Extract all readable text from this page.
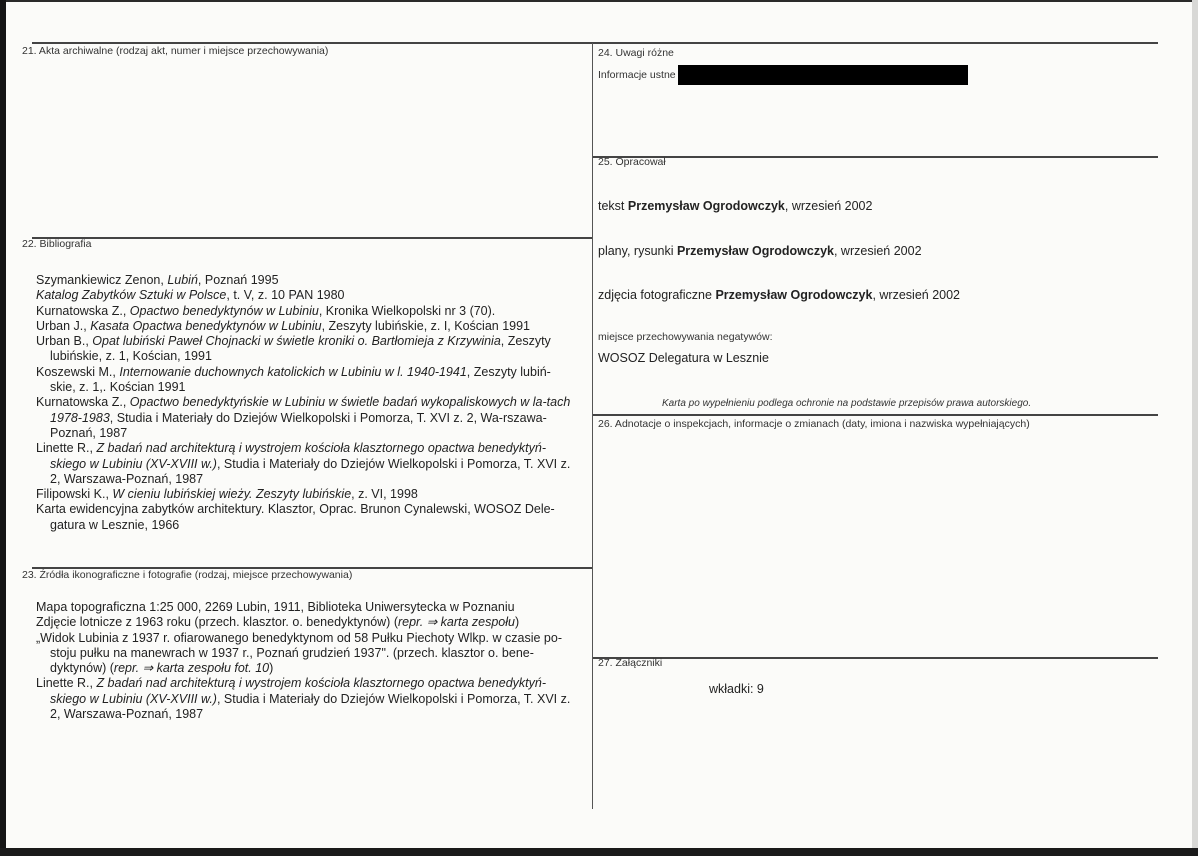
21. Akta archiwalne (rodzaj akt, numer i miejsce przechowywania)
22. Bibliografia
Szymankiewicz Zenon, Lubiń, Poznań 1995
Katalog Zabytków Sztuki w Polsce, t. V, z. 10 PAN 1980
Kurnatowska Z., Opactwo benedyktynów w Lubiniu, Kronika Wielkopolski nr 3 (70).
Urban J., Kasata Opactwa benedyktynów w Lubiniu, Zeszyty lubińskie, z. I, Kościan 1991
Urban B., Opat lubiński Paweł Chojnacki w świetle kroniki o. Bartłomieja z Krzywinia, Zeszyty lubińskie, z. 1, Kościan, 1991
Koszewski M., Internowanie duchownych katolickich w Lubiniu w l. 1940-1941, Zeszyty lubiń-skie, z. 1,. Kościan 1991
Kurnatowska Z., Opactwo benedyktyńskie w Lubiniu w świetle badań wykopaliskowych w la-tach 1978-1983, Studia i Materiały do Dziejów Wielkopolski i Pomorza, T. XVI z. 2, Wa-rszawa-Poznań, 1987
Linette R., Z badań nad architekturą i wystrojem kościoła klasztornego opactwa benedyktyń-skiego w Lubiniu (XV-XVIII w.), Studia i Materiały do Dziejów Wielkopolski i Pomorza, T. XVI z. 2, Warszawa-Poznań, 1987
Filipowski K., W cieniu lubińskiej wieży. Zeszyty lubińskie, z. VI, 1998
Karta ewidencyjna zabytków architektury. Klasztor, Oprac. Brunon Cynalewski, WOSOZ Dele-gatura w Lesznie, 1966
23. Źródła ikonograficzne i fotografie (rodzaj, miejsce przechowywania)
Mapa topograficzna 1:25 000, 2269 Lubin, 1911, Biblioteka Uniwersytecka w Poznaniu
Zdjęcie lotnicze z 1963 roku (przech. klasztor. o. benedyktynów) (repr. ⇒ karta zespołu)
„Widok Lubinia z 1937 r. ofiarowanego benedyktynom od 58 Pułku Piechoty Wlkp. w czasie po-stoju pułku na manewrach w 1937 r., Poznań grudzień 1937". (przech. klasztor o. bene-dyktynów) (repr. ⇒ karta zespołu fot. 10)
Linette R., Z badań nad architekturą i wystrojem kościoła klasztornego opactwa benedyktyń-skiego w Lubiniu (XV-XVIII w.), Studia i Materiały do Dziejów Wielkopolski i Pomorza, T. XVI z. 2, Warszawa-Poznań, 1987
24. Uwagi różne
Informacje ustne
25. Opracował
tekst Przemysław Ogrodowczyk, wrzesień 2002
plany, rysunki Przemysław Ogrodowczyk, wrzesień 2002
zdjęcia fotograficzne Przemysław Ogrodowczyk, wrzesień 2002
miejsce przechowywania negatywów:
WOSOZ Delegatura w Lesznie
Karta po wypełnieniu podlega ochronie na podstawie przepisów prawa autorskiego.
26. Adnotacje o inspekcjach, informacje o zmianach (daty, imiona i nazwiska wypełniających)
27. Załączniki
wkładki: 9
